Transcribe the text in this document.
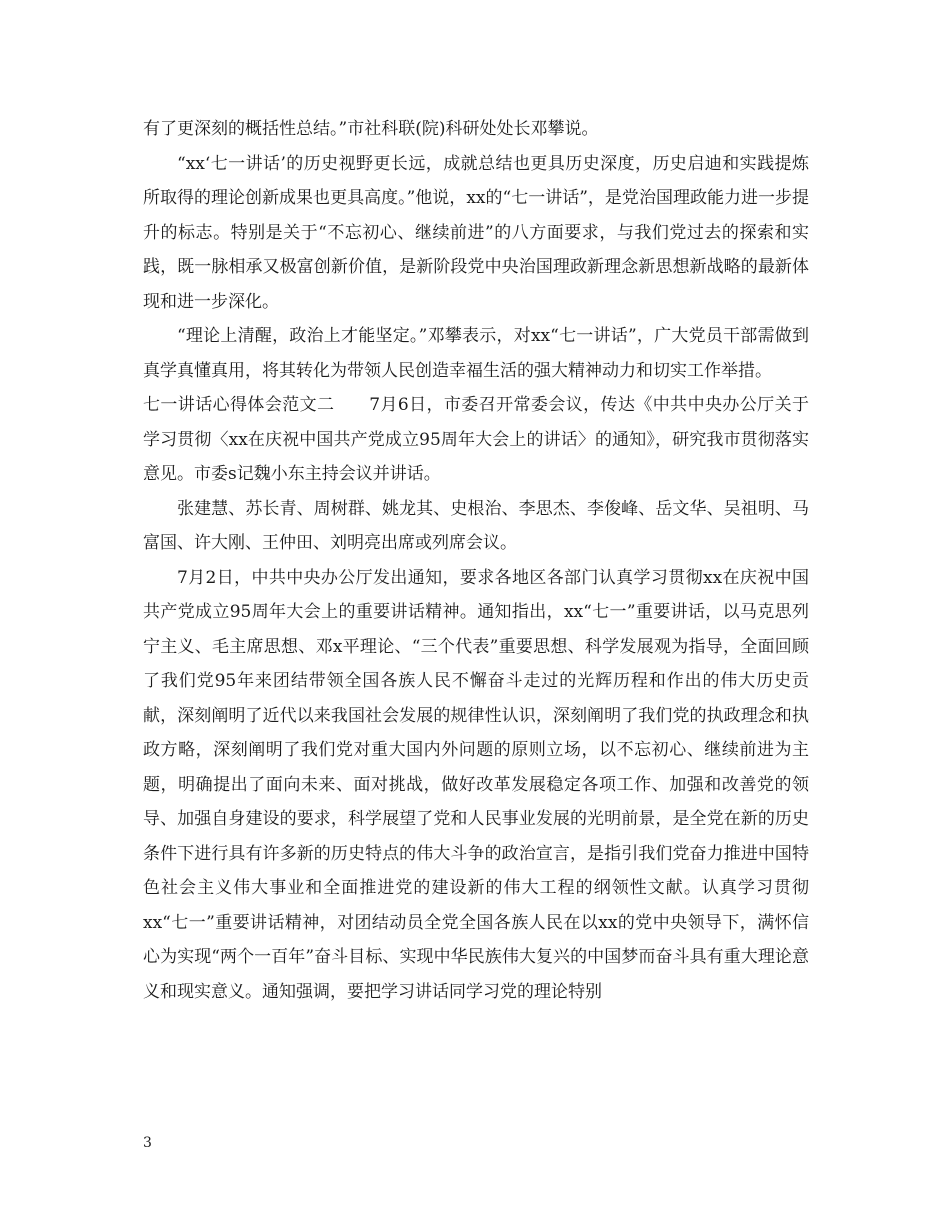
有了更深刻的概括性总结。”市社科联(院)科研处处长邓攀说。

“xx‘七一讲话’的历史视野更长远，成就总结也更具历史深度，历史启迪和实践提炼所取得的理论创新成果也更具高度。”他说，xx的“七一讲话”，是党治国理政能力进一步提升的标志。特别是关于“不忘初心、继续前进”的八方面要求，与我们党过去的探索和实践，既一脉相承又极富创新价值，是新阶段党中央治国理政新理念新思想新战略的最新体现和进一步深化。

“理论上清醒，政治上才能坚定。”邓攀表示，对xx“七一讲话”，广大党员干部需做到真学真懂真用，将其转化为带领人民创造幸福生活的强大精神动力和切实工作举措。

七一讲话心得体会范文二　　7月6日，市委召开常委会议，传达《中共中央办公厅关于学习贯彻〈xx在庆祝中国共产党成立95周年大会上的讲话〉的通知》，研究我市贯彻落实意见。市委s记魏小东主持会议并讲话。

张建慧、苏长青、周树群、姚龙其、史根治、李思杰、李俊峰、岳文华、吴祖明、马富国、许大刚、王仲田、刘明亮出席或列席会议。

7月2日，中共中央办公厅发出通知，要求各地区各部门认真学习贯彻xx在庆祝中国共产党成立95周年大会上的重要讲话精神。通知指出，xx“七一”重要讲话，以马克思列宁主义、毛主席思想、邓x平理论、“三个代表”重要思想、科学发展观为指导，全面回顾了我们党95年来团结带领全国各族人民不懈奋斗走过的光辉历程和作出的伟大历史贡献，深刻阐明了近代以来我国社会发展的规律性认识，深刻阐明了我们党的执政理念和执政方略，深刻阐明了我们党对重大国内外问题的原则立场，以不忘初心、继续前进为主题，明确提出了面向未来、面对挑战，做好改革发展稳定各项工作、加强和改善党的领导、加强自身建设的要求，科学展望了党和人民事业发展的光明前景，是全党在新的历史条件下进行具有许多新的历史特点的伟大斗争的政治宣言，是指引我们党奋力推进中国特色社会主义伟大事业和全面推进党的建设新的伟大工程的纲领性文献。认真学习贯彻xx“七一”重要讲话精神，对团结动员全党全国各族人民在以xx的党中央领导下，满怀信心为实现“两个一百年”奋斗目标、实现中华民族伟大复兴的中国梦而奋斗具有重大理论意义和现实意义。通知强调，要把学习讲话同学习党的理论特别

3
